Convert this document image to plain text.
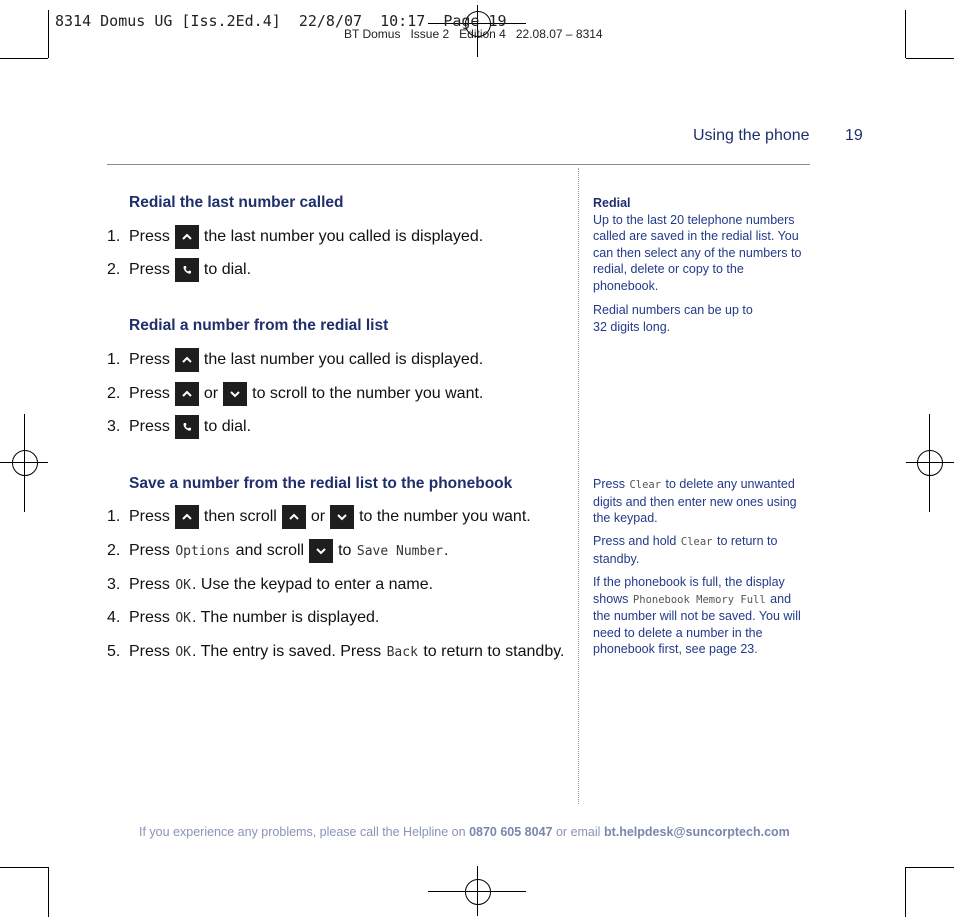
8314 Domus UG [Iss.2Ed.4]  22/8/07  10:17  Page 19
BT Domus   Issue 2   Edition 4   22.08.07 – 8314
Using the phone 19
Redial the last number called
1. Press the last number you called is displayed.
2. Press to dial.
Redial a number from the redial list
1. Press the last number you called is displayed.
2. Press or to scroll to the number you want.
3. Press to dial.
Save a number from the redial list to the phonebook
1. Press then scroll or to the number you want.
2. Press
Options
and scroll to
Save Number .
3. Press
OK . Use the keypad to enter a name.
4. Press
OK . The number is displayed.
5. Press
OK . The entry is saved. Press
Back
to return to standby.
Redial
Up to the last 20 telephone numbers called are saved in the redial list. You can then select any of the numbers to redial, delete or copy to the phonebook.
Redial numbers can be up to 32 digits long.
Press Clear to delete any unwanted digits and then enter new ones using the keypad.
Press and hold Clear to return to standby.
If the phonebook is full, the display shows Phonebook Memory Full and the number will not be saved. You will need to delete a number in the phonebook first, see page 23.
If you experience any problems, please call the Helpline on 0870 605 8047 or email bt.helpdesk@suncorptech.com
